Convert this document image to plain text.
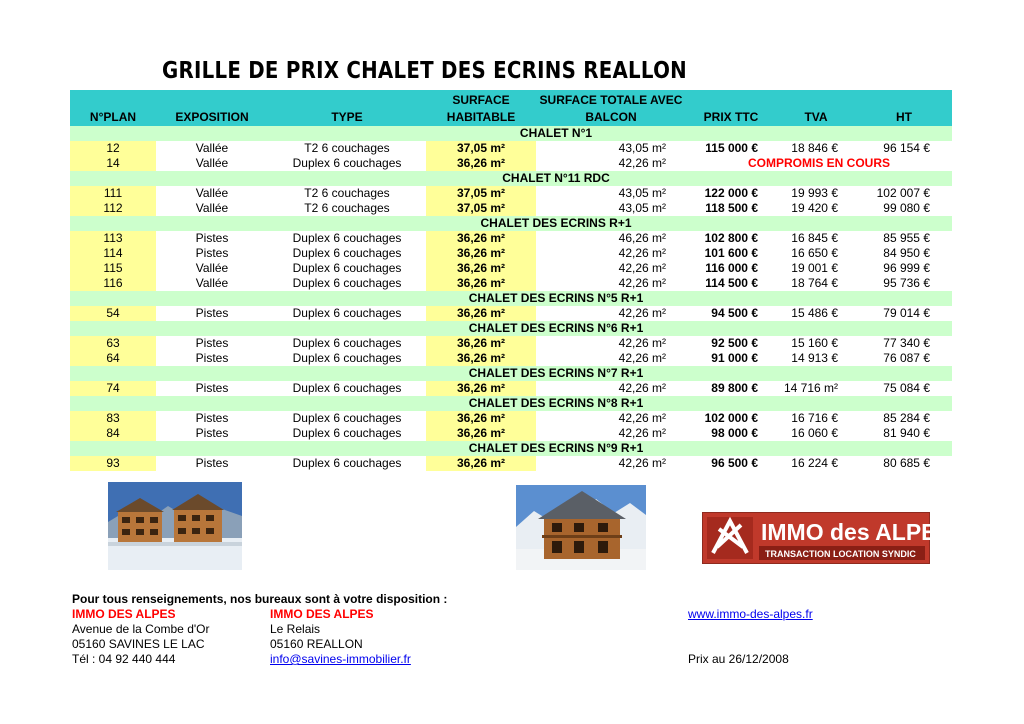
GRILLE DE PRIX CHALET DES ECRINS REALLON
			SURFACE	SURFACE TOTALE AVEC			
N°PLAN	EXPOSITION	TYPE	HABITABLE	BALCON	PRIX TTC	TVA	HT
			CHALET N°1				
12	Vallée	T2 6 couchages	37,05 m²	43,05 m²	115 000 €	18 846 €	96 154 €
14	Vallée	Duplex 6 couchages	36,26 m²	42,26 m²	COMPROMIS EN COURS		
			CHALET N°11 RDC				
111	Vallée	T2 6 couchages	37,05 m²	43,05 m²	122 000 €	19 993 €	102 007 €
112	Vallée	T2 6 couchages	37,05 m²	43,05 m²	118 500 €	19 420 €	99 080 €
			CHALET DES ECRINS R+1				
113	Pistes	Duplex 6 couchages	36,26 m²	46,26 m²	102 800 €	16 845 €	85 955 €
114	Pistes	Duplex 6 couchages	36,26 m²	42,26 m²	101 600 €	16 650 €	84 950 €
115	Vallée	Duplex 6 couchages	36,26 m²	42,26 m²	116 000 €	19 001 €	96 999 €
116	Vallée	Duplex 6 couchages	36,26 m²	42,26 m²	114 500 €	18 764 €	95 736 €
			CHALET DES ECRINS N°5 R+1				
54	Pistes	Duplex 6 couchages	36,26 m²	42,26 m²	94 500 €	15 486 €	79 014 €
			CHALET DES ECRINS N°6 R+1				
63	Pistes	Duplex 6 couchages	36,26 m²	42,26 m²	92 500 €	15 160 €	77 340 €
64	Pistes	Duplex 6 couchages	36,26 m²	42,26 m²	91 000 €	14 913 €	76 087 €
			CHALET DES ECRINS N°7 R+1				
74	Pistes	Duplex 6 couchages	36,26 m²	42,26 m²	89 800 €	14 716 m²	75 084 €
			CHALET DES ECRINS N°8 R+1				
83	Pistes	Duplex 6 couchages	36,26 m²	42,26 m²	102 000 €	16 716 €	85 284 €
84	Pistes	Duplex 6 couchages	36,26 m²	42,26 m²	98 000 €	16 060 €	81 940 €
			CHALET DES ECRINS N°9 R+1				
93	Pistes	Duplex 6 couchages	36,26 m²	42,26 m²	96 500 €	16 224 €	80 685 €
IMMO des ALPES
TRANSACTION LOCATION SYNDIC
Pour tous renseignements, nos bureaux sont à votre disposition :
IMMO DES ALPES
Avenue de la Combe d'Or
05160 SAVINES LE LAC
Tél : 04 92 440 444
IMMO DES ALPES
Le Relais
05160 REALLON
info@savines-immobilier.fr
www.immo-des-alpes.fr
Prix au 26/12/2008
